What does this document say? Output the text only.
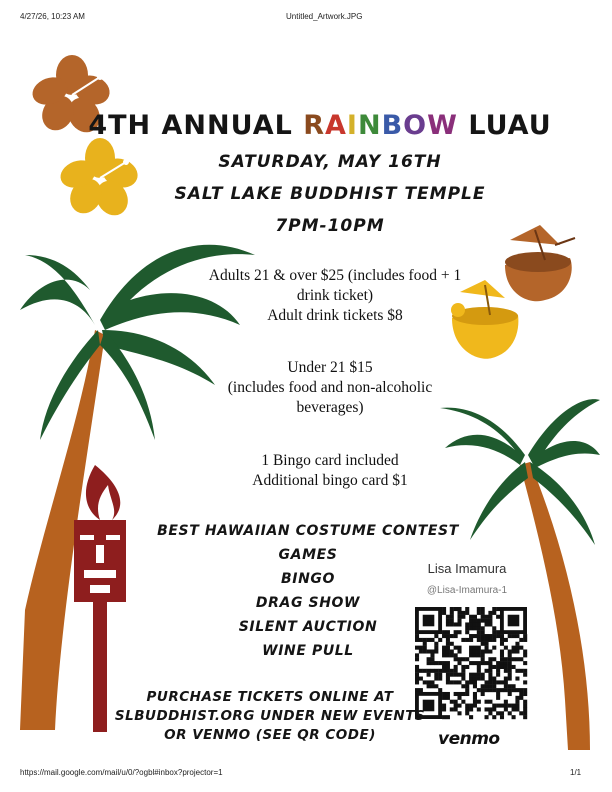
4/27/26, 10:23 AM	Untitled_Artwork.JPG
4TH ANNUAL RAINBOW LUAU
SATURDAY, MAY 16TH
SALT LAKE BUDDHIST TEMPLE
7PM-10PM
Adults 21 & over $25 (includes food + 1
drink ticket)
Adult drink tickets $8
Under 21 $15
(includes food and non-alcoholic
beverages)
1 Bingo card included
Additional bingo card $1
BEST HAWAIIAN COSTUME CONTEST
GAMES
BINGO
DRAG SHOW
SILENT AUCTION
WINE PULL
PURCHASE TICKETS ONLINE AT
SLBUDDHIST.ORG UNDER NEW EVENTS
OR VENMO (SEE QR CODE)
Lisa Imamura
@Lisa-Imamura-1
venmo
https://mail.google.com/mail/u/0/?ogbl#inbox?projector=1	1/1
